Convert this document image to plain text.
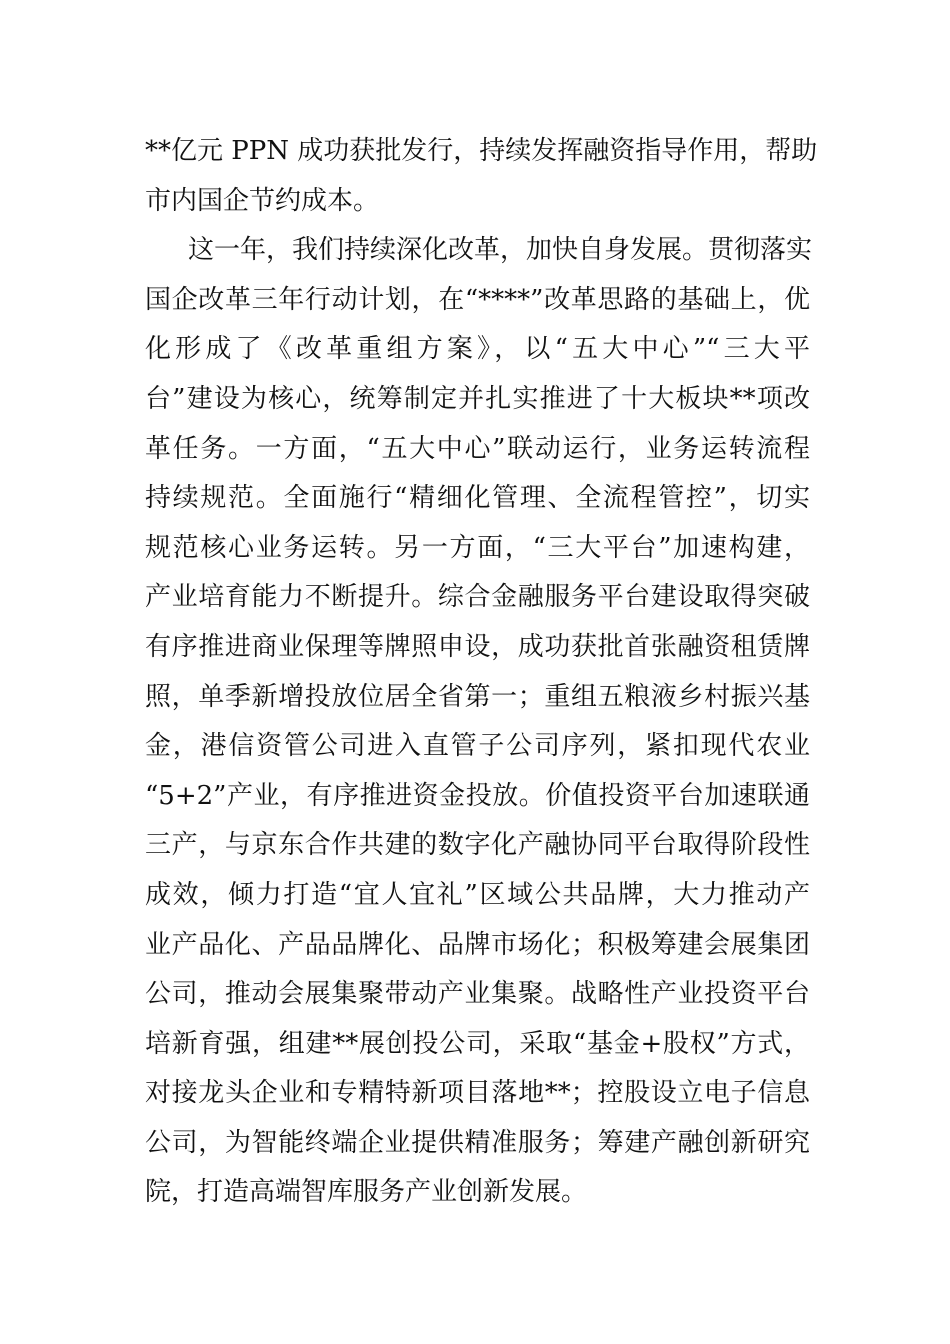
**亿元 PPN 成功获批发行，持续发挥融资指导作用，帮助
市内国企节约成本。
这一年，我们持续深化改革，加快自身发展。贯彻落实
国企改革三年行动计划，在“****”改革思路的基础上，优
化形成了《改革重组方案》，以“五大中心”“三大平
台”建设为核心，统筹制定并扎实推进了十大板块**项改
革任务。一方面，“五大中心”联动运行，业务运转流程
持续规范。全面施行“精细化管理、全流程管控”，切实
规范核心业务运转。另一方面，“三大平台”加速构建，
产业培育能力不断提升。综合金融服务平台建设取得突破
有序推进商业保理等牌照申设，成功获批首张融资租赁牌
照，单季新增投放位居全省第一；重组五粮液乡村振兴基
金，港信资管公司进入直管子公司序列，紧扣现代农业
“5+2”产业，有序推进资金投放。价值投资平台加速联通
三产，与京东合作共建的数字化产融协同平台取得阶段性
成效，倾力打造“宜人宜礼”区域公共品牌，大力推动产
业产品化、产品品牌化、品牌市场化；积极筹建会展集团
公司，推动会展集聚带动产业集聚。战略性产业投资平台
培新育强，组建**展创投公司，采取“基金+股权”方式，
对接龙头企业和专精特新项目落地**；控股设立电子信息
公司，为智能终端企业提供精准服务；筹建产融创新研究
院，打造高端智库服务产业创新发展。
